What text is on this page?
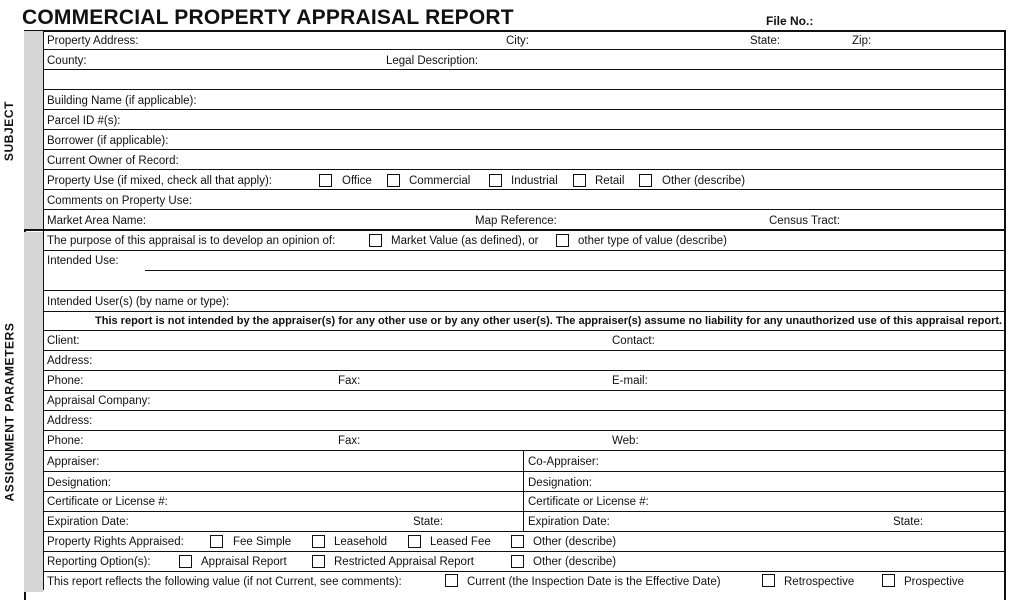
COMMERCIAL PROPERTY APPRAISAL REPORT	File No.:
SUBJECT
ASSIGNMENT PARAMETERS
Property Address:	City:	State:	Zip:
County:	Legal Description:
Building Name (if applicable):
Parcel ID #(s):
Borrower (if applicable):
Current Owner of Record:
Property Use (if mixed, check all that apply):	Office	Commercial	Industrial	Retail	Other (describe)
Comments on Property Use:
Market Area Name:	Map Reference:	Census Tract:
The purpose of this appraisal is to develop an opinion of:	Market Value (as defined), or	other type of value (describe)
Intended Use:
Intended User(s) (by name or type):
This report is not intended by the appraiser(s) for any other use or by any other user(s). The appraiser(s) assume no liability for any unauthorized use of this appraisal report.
Client:	Contact:
Address:
Phone:	Fax:	E-mail:
Appraisal Company:
Address:
Phone:	Fax:	Web:
Appraiser:	Co-Appraiser:
Designation:	Designation:
Certificate or License #:	Certificate or License #:
Expiration Date:	State:	Expiration Date:	State:
Property Rights Appraised:	Fee Simple	Leasehold	Leased Fee	Other (describe)
Reporting Option(s):	Appraisal Report	Restricted Appraisal Report	Other (describe)
This report reflects the following value (if not Current, see comments):	Current (the Inspection Date is the Effective Date)	Retrospective	Prospective
